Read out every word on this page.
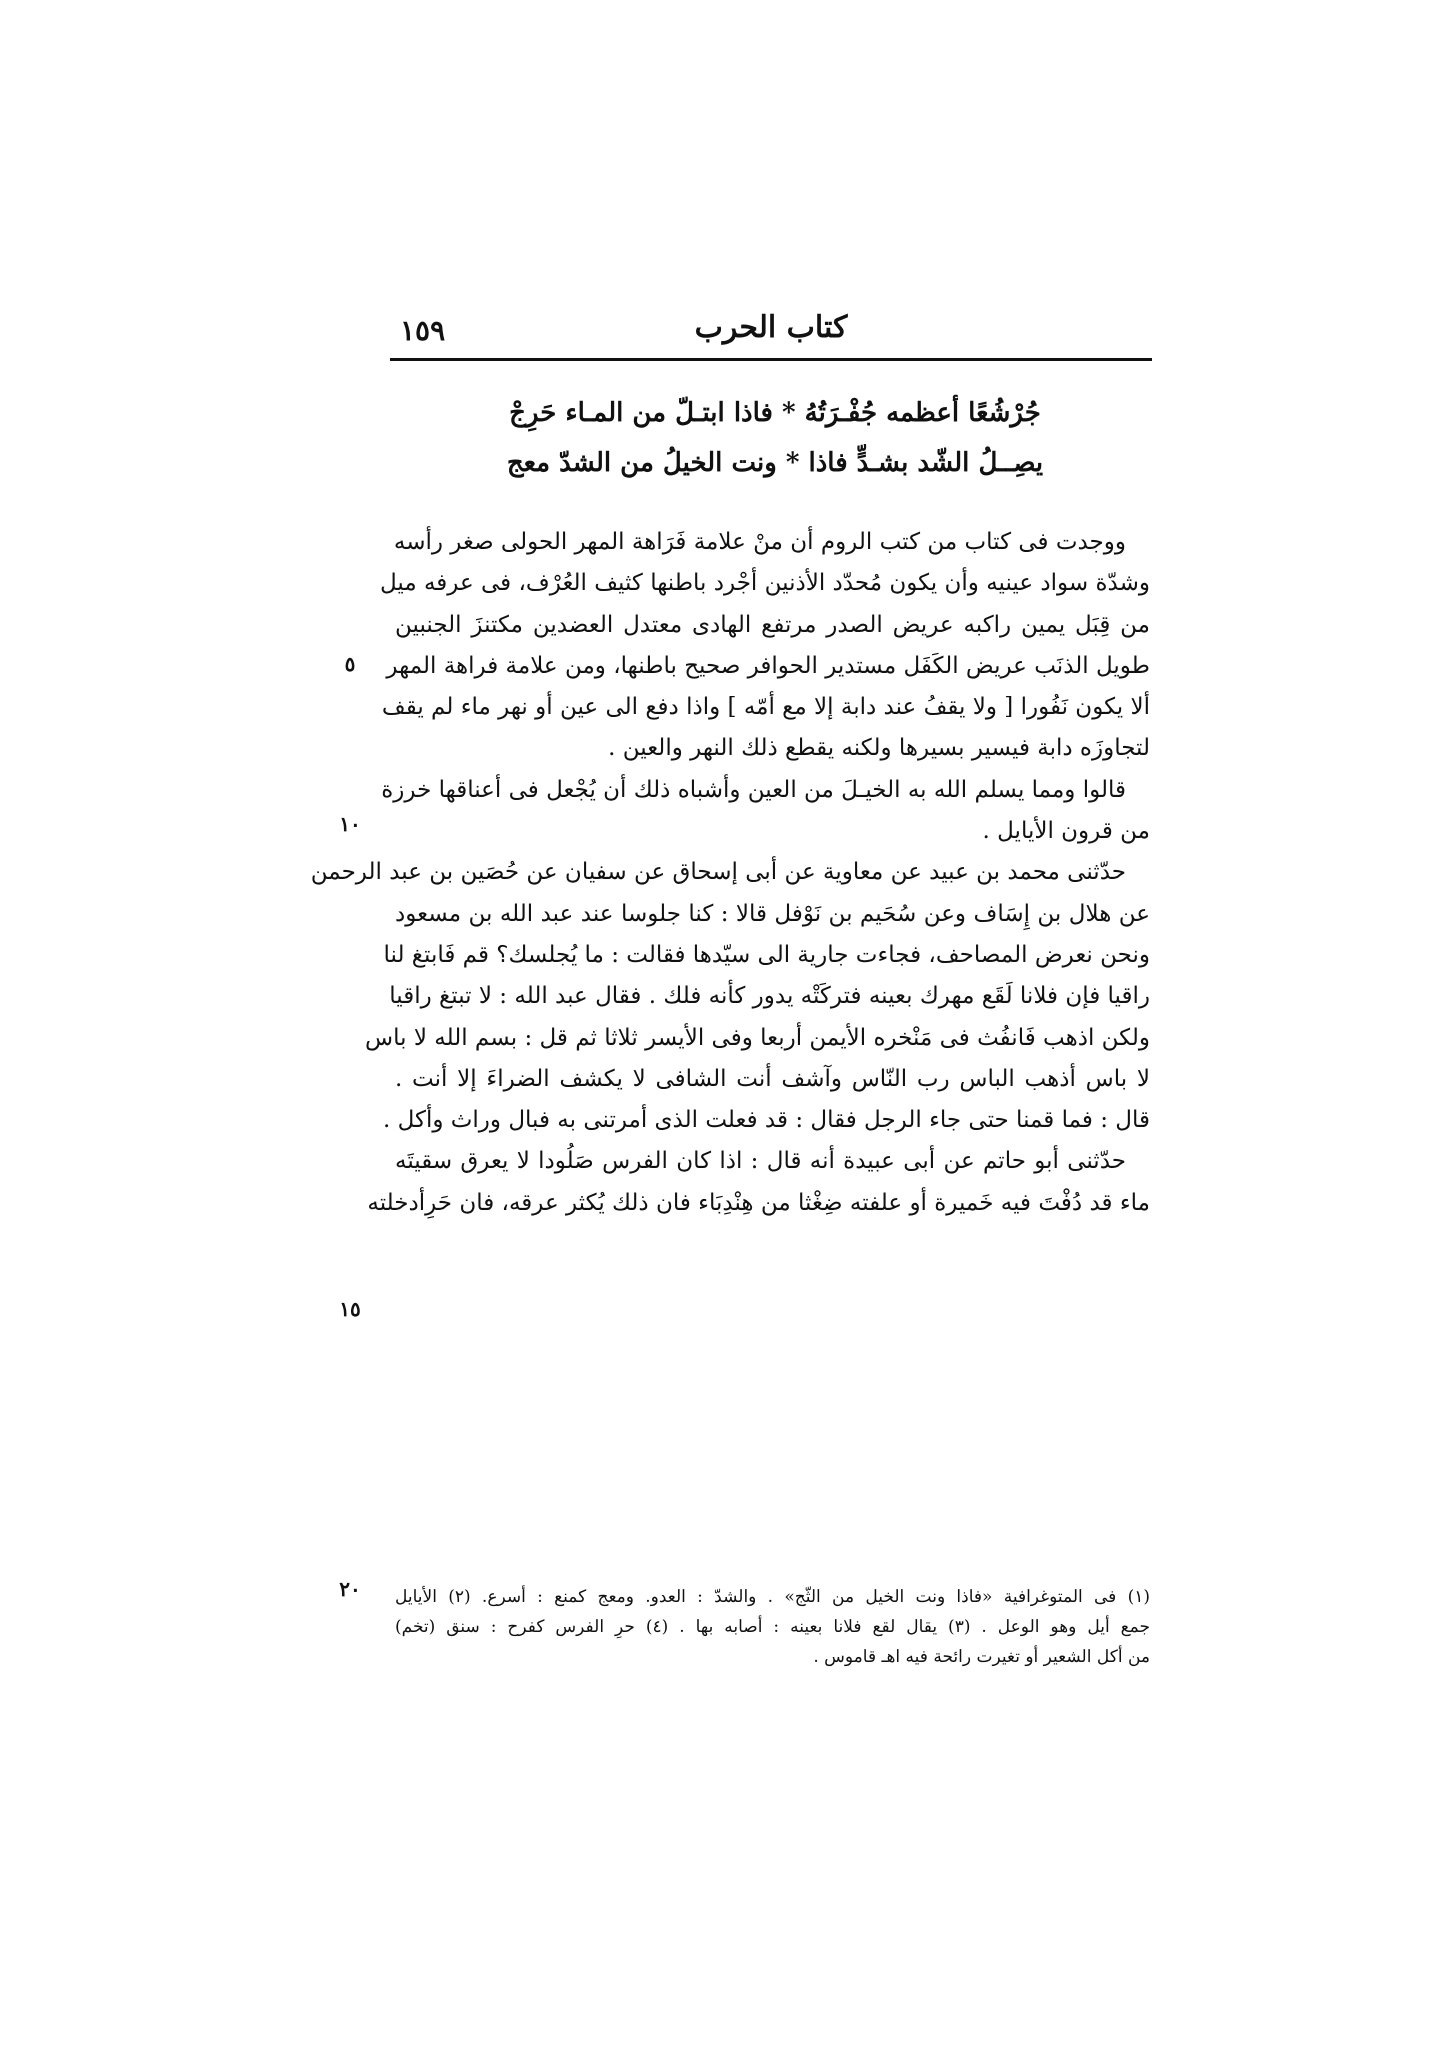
١٥٩	كتاب الحرب
جُرْشُعًا أعظمه جُفْـرَتُهُ * فاذا ابتـلّ من المـاء حَرِجْ
يصِــلُ الشّد بشـدٍّ فاذا * ونت الخيلُ من الشدّ معج
ووجدت فى كتاب من كتب الروم أن منْ علامة فَرَاهة المهر الحولى صغر رأسه
وشدّة سواد عينيه وأن يكون مُحدّد الأذنين أجْرد باطنها كثيف العُرْف، فى عرفه ميل
من قِبَل يمين راكبه عريض الصدر مرتفع الهادى معتدل العضدين مكتنزَ الجنبين
طويل الذنَب عريض الكَفَل مستدير الحوافر صحيح باطنها، ومن علامة فراهة المهر
ألا يكون نَفُورا [ ولا يقفُ عند دابة إلا مع أمّه ] واذا دفع الى عين أو نهر ماء لم يقف
لتجاوزَه دابة فيسير بسيرها ولكنه يقطع ذلك النهر والعين .
قالوا ومما يسلم الله به الخيـلَ من العين وأشباه ذلك أن يُجْعل فى أعناقها خرزة
من قرون الأيايل .
حدّثنى محمد بن عبيد عن معاوية عن أبى إسحاق عن سفيان عن حُصَين بن عبد الرحمن
عن هلال بن إِسَاف وعن سُحَيم بن نَوْفل قالا : كنا جلوسا عند عبد الله بن مسعود
ونحن نعرض المصاحف، فجاءت جارية الى سيّدها فقالت : ما يُجلسك؟ قم فَابتغ لنا
راقيا فإن فلانا لَقَع مهرك بعينه فتركَتْه يدور كأنه فلك . فقال عبد الله : لا تبتغ راقيا
ولكن اذهب فَانفُث فى مَنْخره الأيمن أربعا وفى الأيسر ثلاثا ثم قل : بسم الله لا باس
لا باس أذهب الباس رب النّاس وآشف أنت الشافى لا يكشف الضراءَ إلا أنت .
قال : فما قمنا حتى جاء الرجل فقال : قد فعلت الذى أمرتنى به فبال وراث وأكل .
حدّثنى أبو حاتم عن أبى عبيدة أنه قال : اذا كان الفرس صَلُودا لا يعرق سقيتَه
ماء قد دُفْتَ فيه خَميرة أو علفته ضِغْثا من هِنْدِبَاء فان ذلك يُكثر عرقه، فان حَرِأدخلته
٥
١٠
١٥
٢٠	(١) فى المتوغرافية «فاذا ونت الخيل من الثّج» . والشدّ : العدو. ومعج كمنع : أسرع. (٢) الأيايل
جمع أيل وهو الوعل . (٣) يقال لقع فلانا بعينه : أصابه بها . (٤) حرِ الفرس كفرح : سنق (تخم)
من أكل الشعير أو تغيرت رائحة فيه اهـ قاموس .
